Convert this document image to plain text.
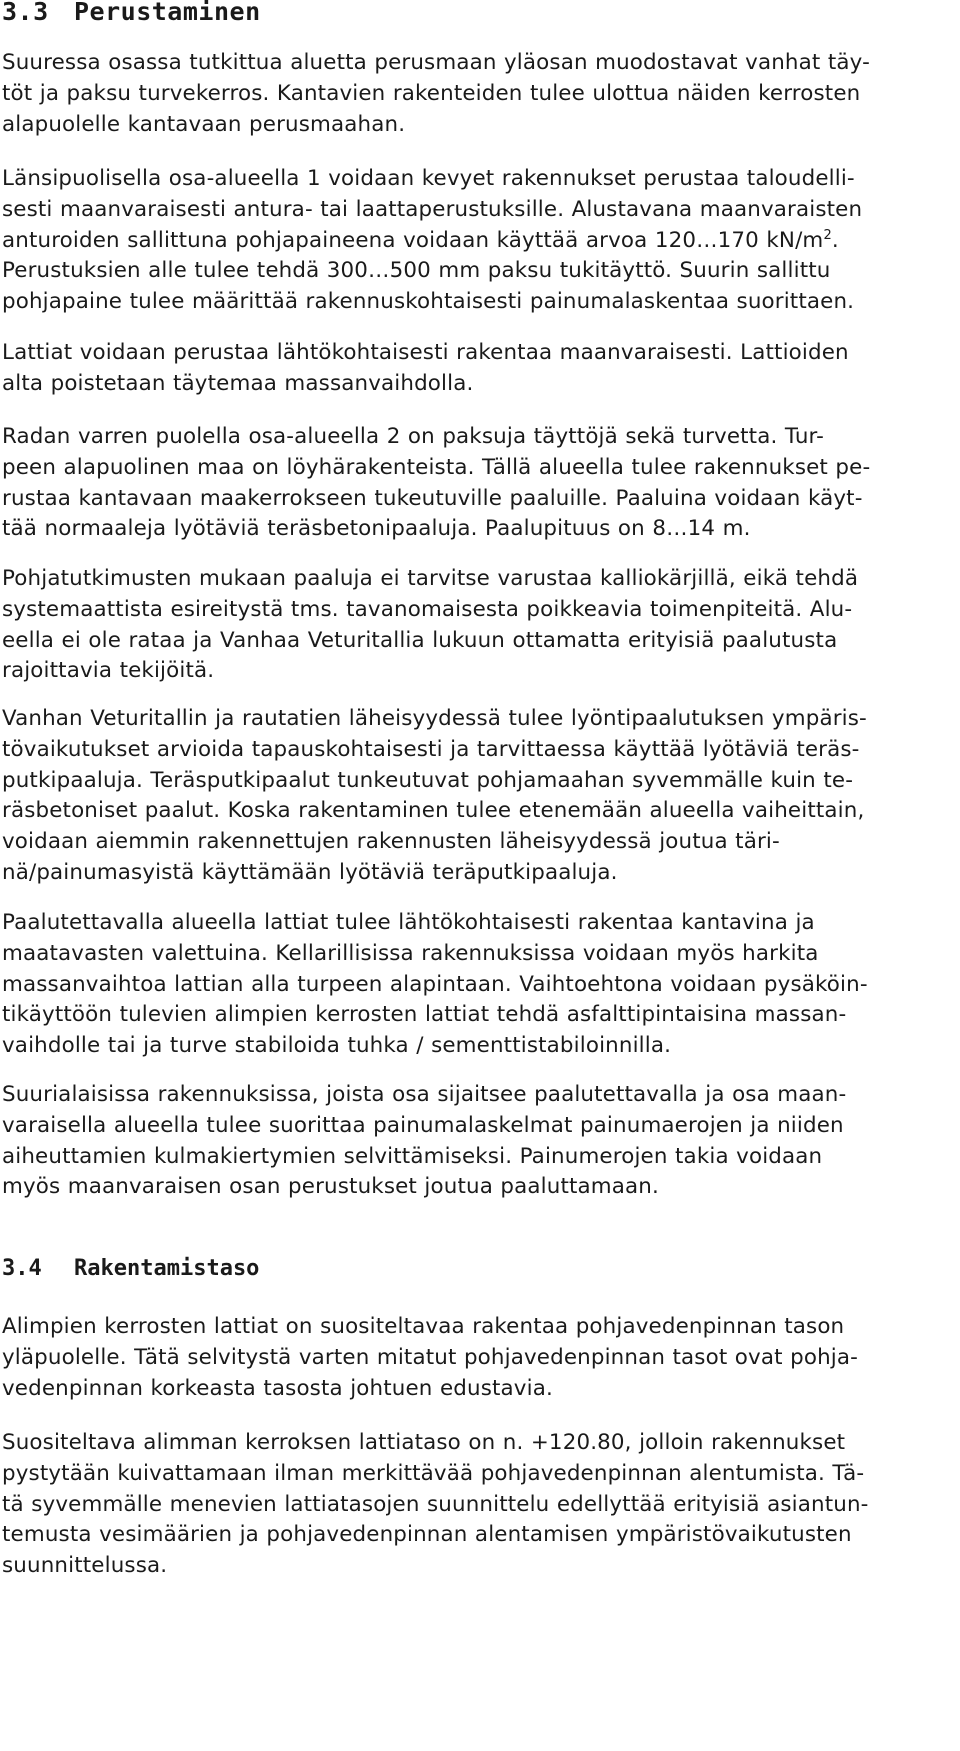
3.3	Perustaminen

Suuressa osassa tutkittua aluetta perusmaan yläosan muodostavat vanhat täy-
töt ja paksu turvekerros. Kantavien rakenteiden tulee ulottua näiden kerrosten
alapuolelle kantavaan perusmaahan.

Länsipuolisella osa-alueella 1 voidaan kevyet rakennukset perustaa taloudelli-
sesti maanvaraisesti antura- tai laattaperustuksille. Alustavana maanvaraisten
anturoiden sallittuna pohjapaineena voidaan käyttää arvoa 120…170 $kN/m^2$.
Perustuksien alle tulee tehdä 300…500 mm paksu tukitäyttö. Suurin sallittu
pohjapaine tulee määrittää rakennuskohtaisesti painumalaskentaa suorittaen.

Lattiat voidaan perustaa lähtökohtaisesti rakentaa maanvaraisesti. Lattioiden
alta poistetaan täytemaa massanvaihdolla.

Radan varren puolella osa-alueella 2 on paksuja täyttöjä sekä turvetta. Tur-
peen alapuolinen maa on löyhärakenteista. Tällä alueella tulee rakennukset pe-
rustaa kantavaan maakerrokseen tukeutuville paaluille. Paaluina voidaan käyt-
tää normaaleja lyötäviä teräsbetonipaaluja. Paalupituus on 8…14 m.

Pohjatutkimusten mukaan paaluja ei tarvitse varustaa kalliokärjillä, eikä tehdä
systemaattista esireitystä tms. tavanomaisesta poikkeavia toimenpiteitä. Alu-
eella ei ole rataa ja Vanhaa Veturitallia lukuun ottamatta erityisiä paalutusta
rajoittavia tekijöitä.

Vanhan Veturitallin ja rautatien läheisyydessä tulee lyöntipaalutuksen ympäris-
tövaikutukset arvioida tapauskohtaisesti ja tarvittaessa käyttää lyötäviä teräs-
putkipaaluja. Teräsputkipaalut tunkeutuvat pohjamaahan syvemmälle kuin te-
räsbetoniset paalut. Koska rakentaminen tulee etenemään alueella vaiheittain,
voidaan aiemmin rakennettujen rakennusten läheisyydessä joutua täri-
nä/painumasyistä käyttämään lyötäviä teräputkipaaluja.

Paalutettavalla alueella lattiat tulee lähtökohtaisesti rakentaa kantavina ja
maatavasten valettuina. Kellarillisissa rakennuksissa voidaan myös harkita
massanvaihtoa lattian alla turpeen alapintaan. Vaihtoehtona voidaan pysäköin-
tikäyttöön tulevien alimpien kerrosten lattiat tehdä asfalttipintaisina massan-
vaihdolle tai ja turve stabiloida tuhka / sementtistabiloinnilla.

Suurialaisissa rakennuksissa, joista osa sijaitsee paalutettavalla ja osa maan-
varaisella alueella tulee suorittaa painumalaskelmat painumaerojen ja niiden
aiheuttamien kulmakiertymien selvittämiseksi. Painumerojen takia voidaan
myös maanvaraisen osan perustukset joutua paaluttamaan.

3.4	Rakentamistaso

Alimpien kerrosten lattiat on suositeltavaa rakentaa pohjavedenpinnan tason
yläpuolelle. Tätä selvitystä varten mitatut pohjavedenpinnan tasot ovat pohja-
vedenpinnan korkeasta tasosta johtuen edustavia.

Suositeltava alimman kerroksen lattiataso on n. +120.80, jolloin rakennukset
pystytään kuivattamaan ilman merkittävää pohjavedenpinnan alentumista. Tä-
tä syvemmälle menevien lattiatasojen suunnittelu edellyttää erityisiä asiantun-
temusta vesimäärien ja pohjavedenpinnan alentamisen ympäristövaikutusten
suunnittelussa.
